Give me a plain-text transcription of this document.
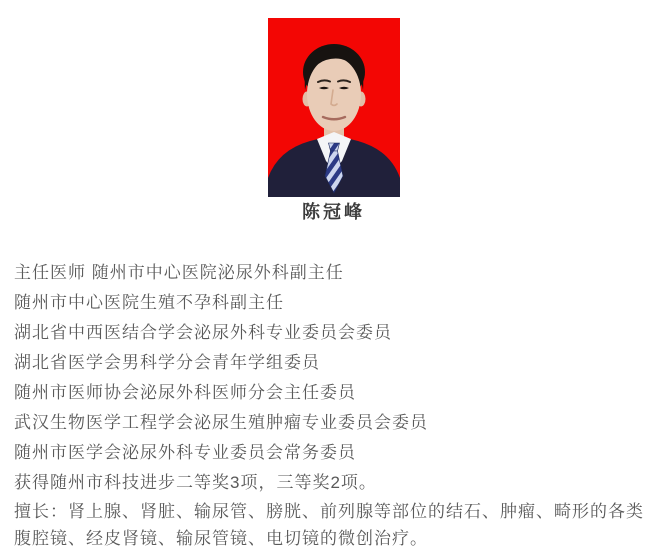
陈冠峰
主任医师 随州市中心医院泌尿外科副主任
随州市中心医院生殖不孕科副主任
湖北省中西医结合学会泌尿外科专业委员会委员
湖北省医学会男科学分会青年学组委员
随州市医师协会泌尿外科医师分会主任委员
武汉生物医学工程学会泌尿生殖肿瘤专业委员会委员
随州市医学会泌尿外科专业委员会常务委员
获得随州市科技进步二等奖3项，三等奖2项。

擅长：肾上腺、肾脏、输尿管、膀胱、前列腺等部位的结石、肿瘤、畸形的各类腹腔镜、经皮肾镜、输尿管镜、电切镜的微创治疗。
